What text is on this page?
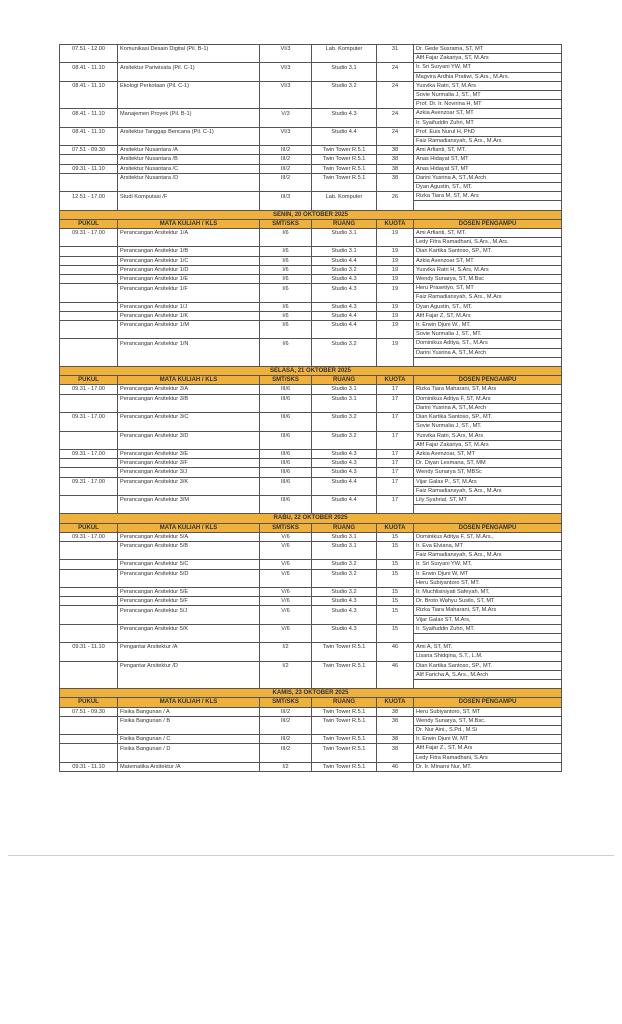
07.51 - 12.00	Komunikasi Desain Digital (Pil. B-1)	VI/3	Lab. Komputer	31	Dr. Gede Susrama, ST, MT
					Afif Fajar Zakariya, ST, M.Ars
08.41 - 11.10	Arsitektur Pariwisata (Pil. C-1)	VI/3	Studio 3.1	24	Ir. Sri Suryani YW, MT
					Magvira Ardhia Pratiwi, S.Ars., M.Ars.
08.41 - 11.10	Ekologi Perkotaan (Pil. C-1)	VI/3	Studio 3.2	24	Yusvika Ratri, ST, M.Ars
					Sovie Nurmalia J, ST., MT
					Prof. Dr. Ir. Novirina H, MT
08.41 - 11.10	Manajemen Proyek (Pil. B-1)	V/3	Studio 4.3	24	Azkia Avenzoar ST, MT
					Ir. Syaifuddin Zuhri, MT
08.41 - 11.10	Arsitektur Tanggap Bencana (Pil. C-1)	VI/3	Studio 4.4	24	Prof. Euis Nurul H, PhD
					Faiz Ramadiansyah, S.Ars., M.Ars
07.51 - 09.30	Arsitektur Nusantara /A	III/2	Twin Tower R.5.1	38	Ami Arfianti, ST, MT.
	Arsitektur Nusantara /B	III/2	Twin Tower R.5.1	38	Anas Hidayat ST, MT
09.31 - 11.10	Arsitektur Nusantara /C	III/2	Twin Tower R.5.1	38	Anas Hidayat ST, MT
	Arsitektur Nusantara /D	III/2	Twin Tower R.5.1	38	Darini Yusrina A, ST.,M.Arch
					Dyan Agustin, ST., MT.
12.51 - 17.00	Studi Komputasi /F	III/3	Lab. Komputer	26	Rizka Tiara M, ST, M. Ars

SENIN, 20 OKTOBER 2025					
PUKUL	MATA KULIAH / KLS	SMT/SKS	RUANG	KUOTA	DOSEN PENGAMPU
09.31 - 17.00	Perancangan Arsitektur 1/A	I/6	Studio 3.1	19	Ami Arfianti, ST, MT.
					Ledy Fitra Ramadhani, S.Ars., M.Ars.
	Perancangan Arsitektur 1/B	I/6	Studio 3.1	19	Dian Kartika Santoso, SP., MT.
	Perancangan Arsitektur 1/C	I/6	Studio 4.4	19	Azkia Avenzoar ST, MT
	Perancangan Arsitektur 1/D	I/6	Studio 3.2	19	Yusvika Ratri H, S.Ars, M.Ars
	Perancangan Arsitektur 1/E	I/6	Studio 4.3	19	Wendy Sunarya, ST, M.Bsc
	Perancangan Arsitektur 1/F	I/6	Studio 4.3	19	Heru Prasetiyo, ST, MT
					Faiz Ramadiansyah, S.Ars., M.Ars
	Perancangan Arsitektur 1/J	I/6	Studio 4.3	19	Dyan Agustin, ST., MT.
	Perancangan Arsitektur 1/K	I/6	Studio 4.4	19	Afif Fajar Z, ST, M.Ars
	Perancangan Arsitektur 1/M	I/6	Studio 4.4	19	Ir. Erwin Djuni W., MT.
					Sovie Nurmalia J, ST., MT.
	Perancangan Arsitektur 1/N	I/6	Studio 3.2	19	Dominikus Aditya, ST., M.Ars
					Darini Yusrina A, ST.,M.Arch

SELASA, 21 OKTOBER 2025					
PUKUL	MATA KULIAH / KLS	SMT/SKS	RUANG	KUOTA	DOSEN PENGAMPU
09.31 - 17.00	Perancangan Arsitektur 3/A	III/6	Studio 3.1	17	Rizka Tiara Maharani, ST, M.Ars
	Perancangan Arsitektur 3/B	III/6	Studio 3.1	17	Dominikus Aditya F, ST, M.Ars
					Darini Yusrina A, ST.,M.Arch
09.31 - 17.00	Perancangan Arsitektur 3/C	III/6	Studio 3.2	17	Dian Kartika Santoso, SP., MT.
					Sovie Nurmalia J, ST., MT.
	Perancangan Arsitektur 3/D	III/6	Studio 3.2	17	Yusvika Ratri, S.Ars, M.Ars
					Afif Fajar Zakariya, ST, M.Ars
09.31 - 17.00	Perancangan Arsitektur 3/E	III/6	Studio 4.3	17	Azkia Avenzoar, ST, MT
	Perancangan Arsitektur 3/F	III/6	Studio 4.3	17	Dr. Diyan Lesmana, ST, MM
	Perancangan Arsitektur 3/J	III/6	Studio 4.3	17	Wendy Sunarya ST, MBSc
09.31 - 17.00	Perancangan Arsitektur 3/K	III/6	Studio 4.4	17	Vijar Galax P., ST, M.Ars
					Faiz Ramadiansyah, S.Ars., M.Ars
	Perancangan Arsitektur 3/M	III/6	Studio 4.4	17	Lily Syahrial, ST, MT

RABU, 22 OKTOBER 2025					
PUKUL	MATA KULIAH / KLS	SMT/SKS	RUANG	KUOTA	DOSEN PENGAMPU
09.31 - 17.00	Perancangan Arsitektur 5/A	V/6	Studio 3.1	15	Dominikus Aditya F, ST, M.Ars.,
	Perancangan Arsitektur 5/B	V/6	Studio 3.1	15	Ir. Eva Elviana, MT
					Faiz Ramadiansyah, S.Ars., M.Ars
	Perancangan Arsitektur 5/C	V/6	Studio 3.2	15	Ir. Sri Suryani YW, MT,
	Perancangan Arsitektur 5/D	V/6	Studio 3.2	15	Ir. Erwin Djuni W, MT
					Heru Subiyantoro ST, MT.
	Perancangan Arsitektur 5/E	V/6	Studio 3.2	15	Ir. Muchlisiniyati Safeyah, MT,
	Perancangan Arsitektur 5/F	V/6	Studio 4.3	15	Dr. Broto Wahyu Susilo, ST, MT
	Perancangan Arsitektur 5/J	V/6	Studio 4.3	15	Rizka Tiara Maharani, ST, M.Ars
					Vijar Galax ST, M.Ars,
	Perancangan Arsitektur 5/K	V/6	Studio 4.3	15	Ir. Syaifuddin Zuhri, MT.

09.31 - 11.10	Pengantar Arsitektur /A	I/2	Twin Tower R.5.1	46	Ami A, ST, MT.
					Lisana Shidqina, S.T., L.M.
	Pengantar Arsitektur /D	I/2	Twin Tower R.5.1	46	Dian Kartika Santoso, SP., MT.
					Alif Faricha A, S.Ars., M.Arch

KAMIS, 23 OKTOBER 2025					
PUKUL	MATA KULIAH / KLS	SMT/SKS	RUANG	KUOTA	DOSEN PENGAMPU
07.51 - 09.30	Fisika Bangunan / A	III/2	Twin Tower R.5.1	38	Heru Subiyantoro, ST, MT
	Fisika Bangunan / B	III/2	Twin Tower R.5.1	38	Wendy Sunarya, ST, M.Bsc.
					Dr. Nur Aini., S.Pd., M.Si
	Fisika Bangunan / C	III/2	Twin Tower R.5.1	38	Ir. Erwin Djuni W, MT
	Fisika Bangunan / D	III/2	Twin Tower R.5.1	38	Afif Fajar Z., ST, M.Ars
					Ledy Fitra Ramadhani, S.Ars
09.31 - 11.10	Matematika Arsitektur /A	I/2	Twin Tower R.5.1	46	Dr. Ir. Minarni Nur, MT.
